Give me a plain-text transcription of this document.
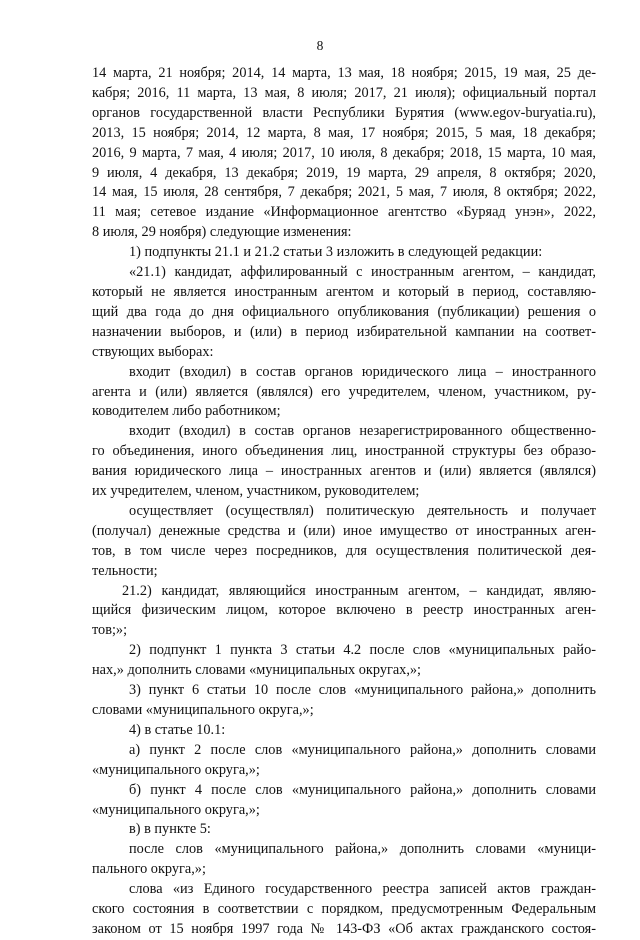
8
14 марта, 21 ноября; 2014, 14 марта, 13 мая, 18 ноября; 2015, 19 мая, 25 де-
кабря; 2016, 11 марта, 13 мая, 8 июля; 2017, 21 июля); официальный портал
органов государственной власти Республики Бурятия (www.egov-buryatia.ru),
2013, 15 ноября; 2014, 12 марта, 8 мая, 17 ноября; 2015, 5 мая, 18 декабря;
2016, 9 марта, 7 мая, 4 июля; 2017, 10 июля, 8 декабря; 2018, 15 марта, 10 мая,
9 июля, 4 декабря, 13 декабря; 2019, 19 марта, 29 апреля, 8 октября; 2020,
14 мая, 15 июля, 28 сентября, 7 декабря; 2021, 5 мая, 7 июля, 8 октября; 2022,
11 мая; сетевое издание «Информационное агентство «Буряад унэн», 2022,
8 июля, 29 ноября) следующие изменения:
1) подпункты 21.1 и 21.2 статьи 3 изложить в следующей редакции:
«21.1) кандидат, аффилированный с иностранным агентом, – кандидат,
который не является иностранным агентом и который в период, составляю-
щий два года до дня официального опубликования (публикации) решения о
назначении выборов, и (или) в период избирательной кампании на соответ-
ствующих выборах:
входит (входил) в состав органов юридического лица – иностранного
агента и (или) является (являлся) его учредителем, членом, участником, ру-
ководителем либо работником;
входит (входил) в состав органов незарегистрированного общественно-
го объединения, иного объединения лиц, иностранной структуры без образо-
вания юридического лица – иностранных агентов и (или) является (являлся)
их учредителем, членом, участником, руководителем;
осуществляет (осуществлял) политическую деятельность и получает
(получал) денежные средства и (или) иное имущество от иностранных аген-
тов, в том числе через посредников, для осуществления политической дея-
тельности;
21.2) кандидат, являющийся иностранным агентом, – кандидат, являю-
щийся физическим лицом, которое включено в реестр иностранных аген-
тов;»;
2) подпункт 1 пункта 3 статьи 4.2 после слов «муниципальных райо-
нах,» дополнить словами «муниципальных округах,»;
3) пункт 6 статьи 10 после слов «муниципального района,» дополнить
словами «муниципального округа,»;
4) в статье 10.1:
а) пункт 2 после слов «муниципального района,» дополнить словами
«муниципального округа,»;
б) пункт 4 после слов «муниципального района,» дополнить словами
«муниципального округа,»;
в) в пункте 5:
после слов «муниципального района,» дополнить словами «муници-
пального округа,»;
слова «из Единого государственного реестра записей актов граждан-
ского состояния в соответствии с порядком, предусмотренным Федеральным
законом от 15 ноября 1997 года № 143-ФЗ «Об актах гражданского состоя-
